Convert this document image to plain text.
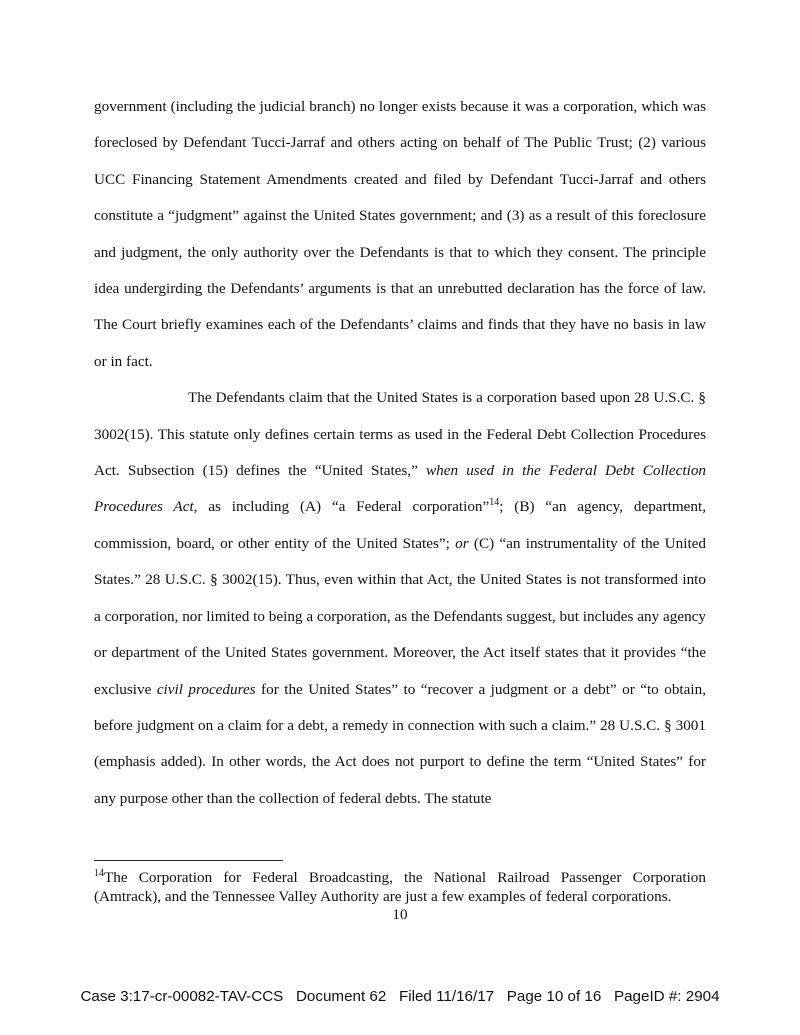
government (including the judicial branch) no longer exists because it was a corporation, which was foreclosed by Defendant Tucci-Jarraf and others acting on behalf of The Public Trust; (2) various UCC Financing Statement Amendments created and filed by Defendant Tucci-Jarraf and others constitute a “judgment” against the United States government; and (3) as a result of this foreclosure and judgment, the only authority over the Defendants is that to which they consent. The principle idea undergirding the Defendants’ arguments is that an unrebutted declaration has the force of law. The Court briefly examines each of the Defendants’ claims and finds that they have no basis in law or in fact.

The Defendants claim that the United States is a corporation based upon 28 U.S.C. § 3002(15). This statute only defines certain terms as used in the Federal Debt Collection Procedures Act. Subsection (15) defines the “United States,” when used in the Federal Debt Collection Procedures Act, as including (A) “a Federal corporation”$^{14}$; (B) “an agency, department, commission, board, or other entity of the United States”; or (C) “an instrumentality of the United States.” 28 U.S.C. § 3002(15). Thus, even within that Act, the United States is not transformed into a corporation, nor limited to being a corporation, as the Defendants suggest, but includes any agency or department of the United States government. Moreover, the Act itself states that it provides “the exclusive civil procedures for the United States” to “recover a judgment or a debt” or “to obtain, before judgment on a claim for a debt, a remedy in connection with such a claim.” 28 U.S.C. § 3001 (emphasis added). In other words, the Act does not purport to define the term “United States” for any purpose other than the collection of federal debts. The statute

$^{14}$The Corporation for Federal Broadcasting, the National Railroad Passenger Corporation (Amtrack), and the Tennessee Valley Authority are just a few examples of federal corporations.
10
Case 3:17-cr-00082-TAV-CCS   Document 62   Filed 11/16/17   Page 10 of 16   PageID #: 2904
